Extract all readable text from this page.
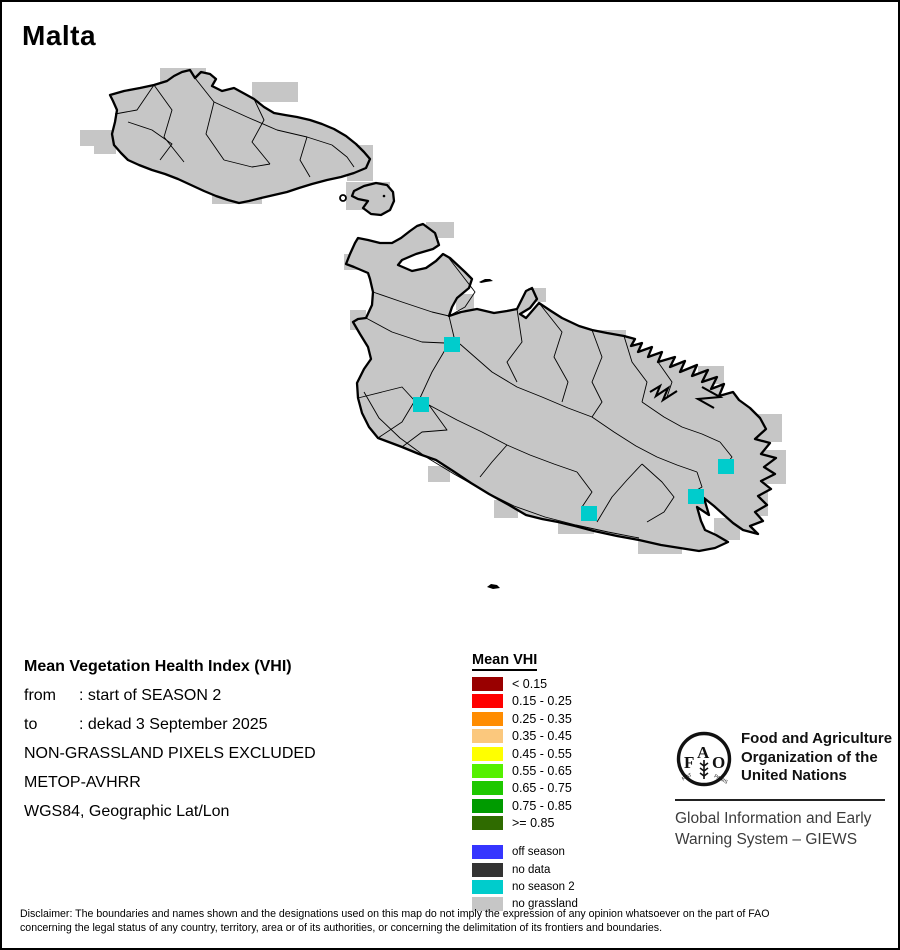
Malta
Mean Vegetation Health Index (VHI)
from : start of SEASON 2
to	: dekad 3 September 2025
NON-GRASSLAND PIXELS EXCLUDED
METOP-AVHRR
WGS84, Geographic Lat/Lon
Mean VHI
< 0.15
0.15 - 0.25
0.25 - 0.35
0.35 - 0.45
0.45 - 0.55
0.55 - 0.65
0.65 - 0.75
0.75 - 0.85
>= 0.85
off season
no data
no season 2
no grassland
F
A
O
FIAT	PANIS
Food and Agriculture
Organization of the
United Nations
Global Information and Early
Warning System – GIEWS
Disclaimer: The boundaries and names shown and the designations used on this map do not imply the expression of any opinion whatsoever on the part of FAO
concerning the legal status of any country, territory, area or of its authorities, or concerning the delimitation of its frontiers and boundaries.
